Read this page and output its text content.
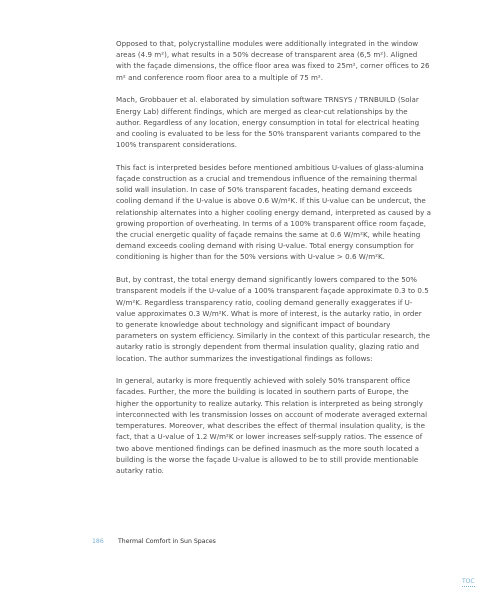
Opposed to that, polycrystalline modules were additionally integrated in the window areas (4.9 m²), what results in a 50% decrease of transparent area (6,5 m²). Aligned with the façade dimensions, the office floor area was fixed to 25m², corner offices to 26 m² and conference room floor area to a multiple of 75 m².

Mach, Grobbauer et al. elaborated by simulation software TRNSYS / TRNBUILD (Solar Energy Lab) different findings, which are merged as clear-cut relationships by the author. Regardless of any location, energy consumption in total for electrical heating and cooling is evaluated to be less for the 50% transparent variants compared to the 100% transparent considerations.

This fact is interpreted besides before mentioned ambitious U-values of glass-alumina façade construction as a crucial and tremendous influence of the remaining thermal solid wall insulation. In case of 50% transparent facades, heating demand exceeds cooling demand if the U-value is above 0.6 W/m²K. If this U-value can be undercut, the relationship alternates into a higher cooling energy demand, interpreted as caused by a growing proportion of overheating. In terms of a 100% transparent office room façade, the crucial energetic quality of façade remains the same at 0.6 W/m²K, while heating demand exceeds cooling demand with rising U-value. Total energy consumption for conditioning is higher than for the 50% versions with U-value > 0.6 W/m²K.

But, by contrast, the total energy demand significantly lowers compared to the 50% transparent models if the U-value of a 100% transparent façade approximate 0.3 to 0.5 W/m²K. Regardless transparency ratio, cooling demand generally exaggerates if U-value approximates 0.3 W/m²K. What is more of interest, is the autarky ratio, in order to generate knowledge about technology and significant impact of boundary parameters on system efficiency. Similarly in the context of this particular research, the autarky ratio is strongly dependent from thermal insulation quality, glazing ratio and location. The author summarizes the investigational findings as follows:

In general, autarky is more frequently achieved with solely 50% transparent office facades. Further, the more the building is located in southern parts of Europe, the higher the opportunity to realize autarky. This relation is interpreted as being strongly interconnected with les transmission losses on account of moderate averaged external temperatures. Moreover, what describes the effect of thermal insulation quality, is the fact, that a U-value of 1.2 W/m²K or lower increases self-supply ratios. The essence of two above mentioned findings can be defined inasmuch as the more south located a building is the worse the façade U-value is allowed to be to still provide mentionable autarky ratio.

186 Thermal Comfort in Sun Spaces
TOC
